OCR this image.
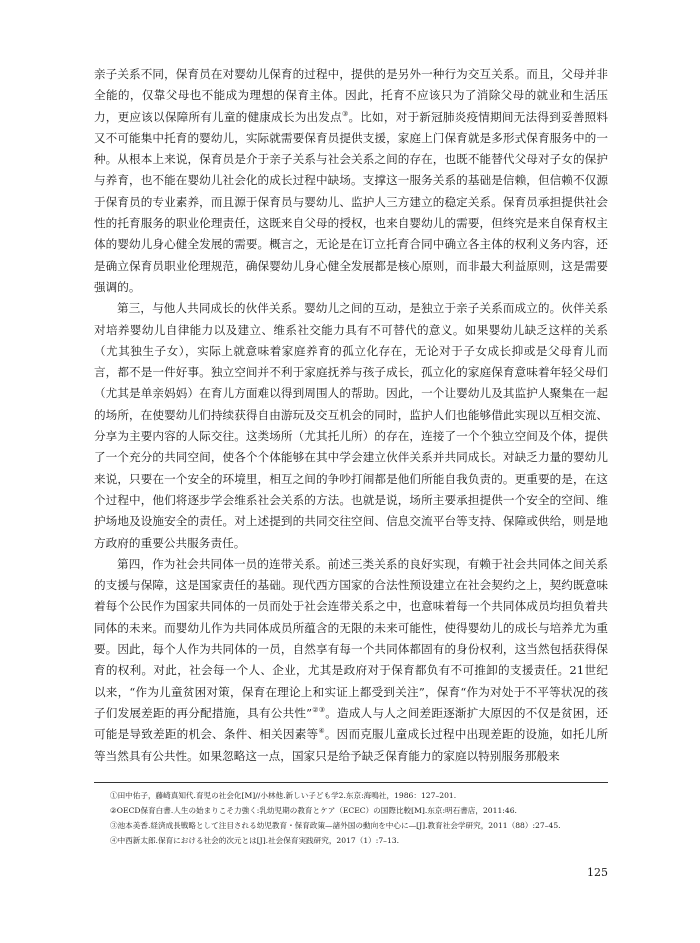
亲子关系不同，保育员在对婴幼儿保育的过程中，提供的是另外一种行为交互关系。而且，父母并非全能的，仅靠父母也不能成为理想的保育主体。因此，托育不应该只为了消除父母的就业和生活压力，更应该以保障所有儿童的健康成长为出发点③。比如，对于新冠肺炎疫情期间无法得到妥善照料又不可能集中托育的婴幼儿，实际就需要保育员提供支援，家庭上门保育就是多形式保育服务中的一种。从根本上来说，保育员是介于亲子关系与社会关系之间的存在，也既不能替代父母对子女的保护与养育，也不能在婴幼儿社会化的成长过程中缺场。支撑这一服务关系的基础是信赖，但信赖不仅源于保育员的专业素养，而且源于保育员与婴幼儿、监护人三方建立的稳定关系。保育员承担提供社会性的托育服务的职业伦理责任，这既来自父母的授权，也来自婴幼儿的需要，但终究是来自保育权主体的婴幼儿身心健全发展的需要。概言之，无论是在订立托育合同中确立各主体的权利义务内容，还是确立保育员职业伦理规范，确保婴幼儿身心健全发展都是核心原则，而非最大利益原则，这是需要强调的。

第三，与他人共同成长的伙伴关系。婴幼儿之间的互动，是独立于亲子关系而成立的。伙伴关系对培养婴幼儿自律能力以及建立、维系社交能力具有不可替代的意义。如果婴幼儿缺乏这样的关系（尤其独生子女），实际上就意味着家庭养育的孤立化存在，无论对于子女成长抑或是父母育儿而言，都不是一件好事。独立空间并不利于家庭抚养与孩子成长，孤立化的家庭保育意味着年轻父母们（尤其是单亲妈妈）在育儿方面难以得到周围人的帮助。因此，一个让婴幼儿及其监护人聚集在一起的场所，在使婴幼儿们持续获得自由游玩及交互机会的同时，监护人们也能够借此实现以互相交流、分享为主要内容的人际交往。这类场所（尤其托儿所）的存在，连接了一个个独立空间及个体，提供了一个充分的共同空间，使各个个体能够在其中学会建立伙伴关系并共同成长。对缺乏力量的婴幼儿来说，只要在一个安全的环境里，相互之间的争吵打闹都是他们所能自我负责的。更重要的是，在这个过程中，他们将逐步学会维系社会关系的方法。也就是说，场所主要承担提供一个安全的空间、维护场地及设施安全的责任。对上述提到的共同交往空间、信息交流平台等支持、保障或供给，则是地方政府的重要公共服务责任。

第四，作为社会共同体一员的连带关系。前述三类关系的良好实现，有赖于社会共同体之间关系的支援与保障，这是国家责任的基础。现代西方国家的合法性预设建立在社会契约之上，契约既意味着每个公民作为国家共同体的一员而处于社会连带关系之中，也意味着每一个共同体成员均担负着共同体的未来。而婴幼儿作为共同体成员所蕴含的无限的未来可能性，使得婴幼儿的成长与培养尤为重要。因此，每个人作为共同体的一员，自然享有每一个共同体都固有的身份权利，这当然包括获得保育的权利。对此，社会每一个人、企业，尤其是政府对于保育都负有不可推卸的支援责任。21世纪以来，“作为儿童贫困对策，保育在理论上和实证上都受到关注”，保育“作为对处于不平等状况的孩子们发展差距的再分配措施，具有公共性”②③。造成人与人之间差距逐渐扩大原因的不仅是贫困，还可能是导致差距的机会、条件、相关因素等④。因而克服儿童成长过程中出现差距的设施，如托儿所等当然具有公共性。如果忽略这一点，国家只是给予缺乏保育能力的家庭以特别服务那般来

①田中佑子，藤崎真知代.育児の社会化[M]//小林他.新しい子ども学2.东京:海鳴社，1986：127–201.

②OECD保育白書.人生の始まりこそ力強く:乳幼児期の教育とケア（ECEC）の国際比較[M].东京:明石書店，2011:46.

③池本美香.経済成長戦略として注目される幼児教育・保育政策—諸外国の動向を中心に—[J].教育社会学研究，2011（88）:27–45.

④中西新太郎.保育における社会的次元とは[J].社会保育実践研究，2017（1）:7–13.

125
